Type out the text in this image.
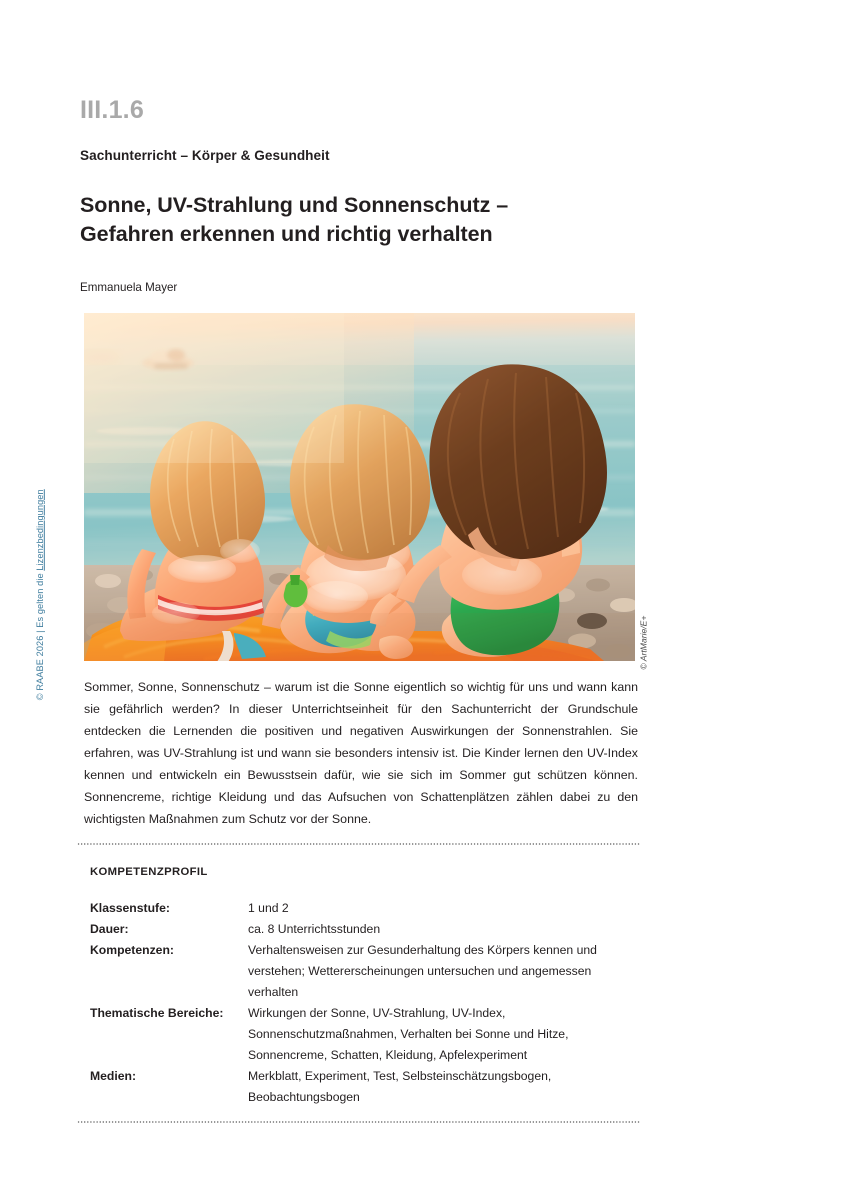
© RAABE 2026 | Es gelten die Lizenzbedingungen
III.1.6
Sachunterricht – Körper & Gesundheit
Sonne, UV-Strahlung und Sonnenschutz –
Gefahren erkennen und richtig verhalten
Emmanuela Mayer
© ArtMarie/E+
Sommer, Sonne, Sonnenschutz – warum ist die Sonne eigentlich so wichtig für uns und wann kann sie gefährlich werden? In dieser Unterrichtseinheit für den Sachunterricht der Grundschule entdecken die Lernenden die positiven und negativen Auswirkungen der Sonnenstrahlen. Sie erfahren, was UV-Strahlung ist und wann sie besonders intensiv ist. Die Kinder lernen den UV-Index kennen und entwickeln ein Bewusstsein dafür, wie sie sich im Sommer gut schützen können. Sonnencreme, richtige Kleidung und das Aufsuchen von Schattenplätzen zählen dabei zu den wichtigsten Maßnahmen zum Schutz vor der Sonne.
KOMPETENZPROFIL
Klassenstufe:	1 und 2
Dauer:	ca. 8 Unterrichtsstunden
Kompetenzen:	Verhaltensweisen zur Gesunderhaltung des Körpers kennen und verstehen; Wettererscheinungen untersuchen und angemessen verhalten
Thematische Bereiche:	Wirkungen der Sonne, UV-Strahlung, UV-Index, Sonnenschutzmaßnahmen, Verhalten bei Sonne und Hitze, Sonnencreme, Schatten, Kleidung, Apfelexperiment
Medien:	Merkblatt, Experiment, Test, Selbsteinschätzungsbogen, Beobachtungsbogen
